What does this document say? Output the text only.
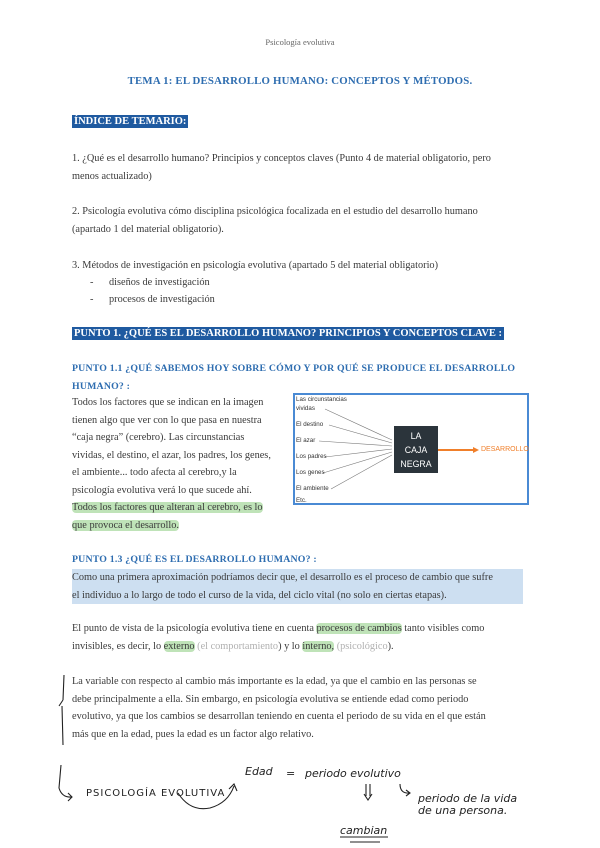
Psicología evolutiva
TEMA 1: EL DESARROLLO HUMANO: CONCEPTOS Y MÉTODOS.
ÍNDICE DE TEMARIO:
1. ¿Qué es el desarrollo humano? Principios y conceptos claves (Punto 4 de material obligatorio, pero
menos actualizado)
2. Psicología evolutiva cómo disciplina psicológica focalizada en el estudio del desarrollo humano
(apartado 1 del material obligatorio).
3. Métodos de investigación en psicología evolutiva (apartado 5 del material obligatorio)
- diseños de investigación
- procesos de investigación
PUNTO 1. ¿QUÉ ES EL DESARROLLO HUMANO? PRINCIPIOS Y CONCEPTOS CLAVE :
PUNTO 1.1 ¿QUÉ SABEMOS HOY SOBRE CÓMO Y POR QUÉ SE PRODUCE EL DESARROLLO
HUMANO? :
Todos los factores que se indican en la imagen
tienen algo que ver con lo que pasa en nuestra
“caja negra” (cerebro). Las circunstancias
vividas, el destino, el azar, los padres, los genes,
el ambiente... todo afecta al cerebro,y la
psicología evolutiva verá lo que sucede ahí.
Todos los factores que alteran al cerebro, es lo
que provoca el desarrollo.
Las circunstancias
vividas
El destino
El azar
Los padres
Los genes
El ambiente
Etc.
LA
CAJA
NEGRA
DESARROLLO
PUNTO 1.3 ¿QUÉ ES EL DESARROLLO HUMANO? :
Como una primera aproximación podríamos decir que, el desarrollo es el proceso de cambio que sufre
el individuo a lo largo de todo el curso de la vida, del ciclo vital (no solo en ciertas etapas).
El punto de vista de la psicología evolutiva tiene en cuenta procesos de cambios tanto visibles como
invisibles, es decir, lo externo (el comportamiento) y lo interno, (psicológico).
La variable con respecto al cambio más importante es la edad, ya que el cambio en las personas se
debe principalmente a ella. Sin embargo, en psicología evolutiva se entiende edad como periodo
evolutivo, ya que los cambios se desarrollan teniendo en cuenta el periodo de su vida en el que están
más que en la edad, pues la edad es un factor algo relativo.
PSICOLOGÍA EVOLUTIVA
Edad = periodo evolutivo
cambian
periodo de la vida
de una persona.
